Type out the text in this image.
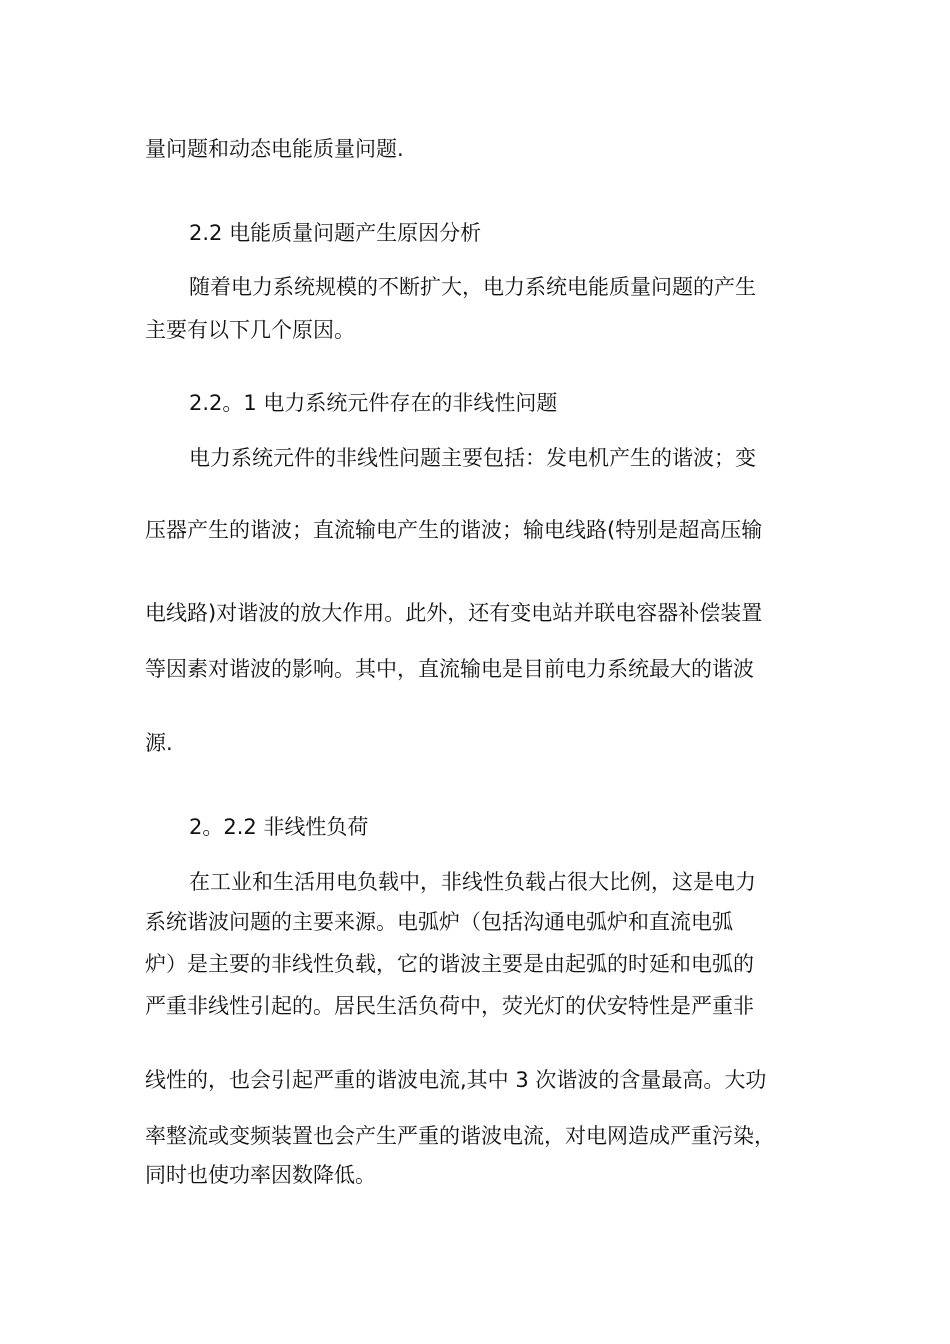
量问题和动态电能质量问题.

2.2 电能质量问题产生原因分析

随着电力系统规模的不断扩大，电力系统电能质量问题的产生

主要有以下几个原因。

2.2。1 电力系统元件存在的非线性问题

电力系统元件的非线性问题主要包括：发电机产生的谐波；变

压器产生的谐波；直流输电产生的谐波；输电线路(特别是超高压输

电线路)对谐波的放大作用。此外，还有变电站并联电容器补偿装置

等因素对谐波的影响。其中，直流输电是目前电力系统最大的谐波

源.

2。2.2 非线性负荷

在工业和生活用电负载中，非线性负载占很大比例，这是电力

系统谐波问题的主要来源。电弧炉（包括沟通电弧炉和直流电弧

炉）是主要的非线性负载，它的谐波主要是由起弧的时延和电弧的

严重非线性引起的。居民生活负荷中，荧光灯的伏安特性是严重非

线性的，也会引起严重的谐波电流,其中 3 次谐波的含量最高。大功

率整流或变频装置也会产生严重的谐波电流，对电网造成严重污染，

同时也使功率因数降低。
